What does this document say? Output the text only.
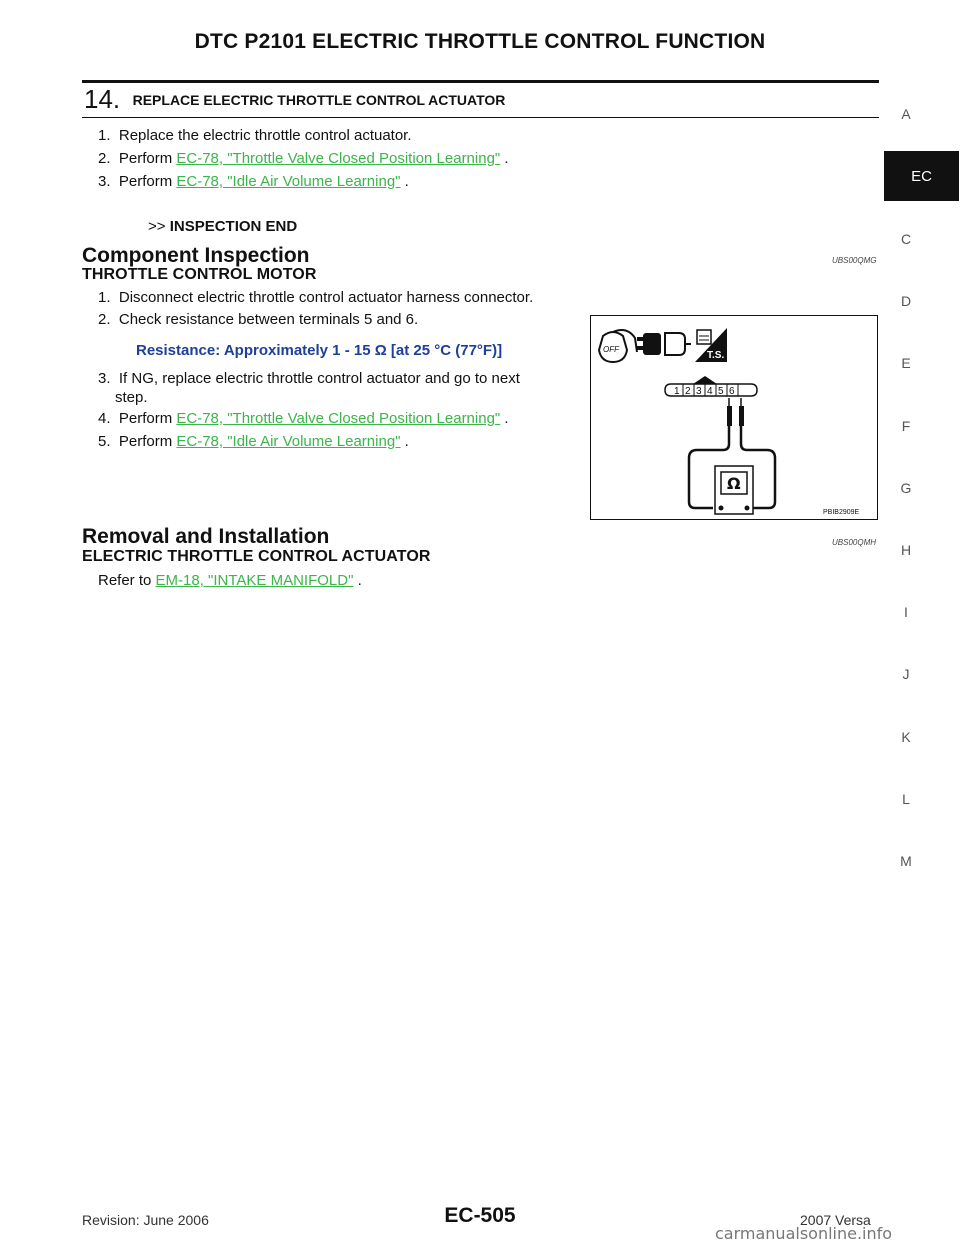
DTC P2101 ELECTRIC THROTTLE CONTROL FUNCTION
14. REPLACE ELECTRIC THROTTLE CONTROL ACTUATOR
1. Replace the electric throttle control actuator.
2. Perform EC-78, "Throttle Valve Closed Position Learning" .
3. Perform EC-78, "Idle Air Volume Learning" .
>> INSPECTION END
Component Inspection	UBS00QMG
THROTTLE CONTROL MOTOR
1. Disconnect electric throttle control actuator harness connector.
2. Check resistance between terminals 5 and 6.
Resistance: Approximately 1 - 15 Ω [at 25 °C (77°F)]
3. If NG, replace electric throttle control actuator and go to next
step.
4. Perform EC-78, "Throttle Valve Closed Position Learning" .
5. Perform EC-78, "Idle Air Volume Learning" .
OFF
T.S.
1 2 3 4 5 6
Ω
PBIB2909E
Removal and Installation	UBS00QMH
ELECTRIC THROTTLE CONTROL ACTUATOR
Refer to EM-18, "INTAKE MANIFOLD" .
A
EC
C
D
E
F
G
H
I
J
K
L
M
Revision: June 2006	EC-505	2007 Versa
carmanualsonline.info
